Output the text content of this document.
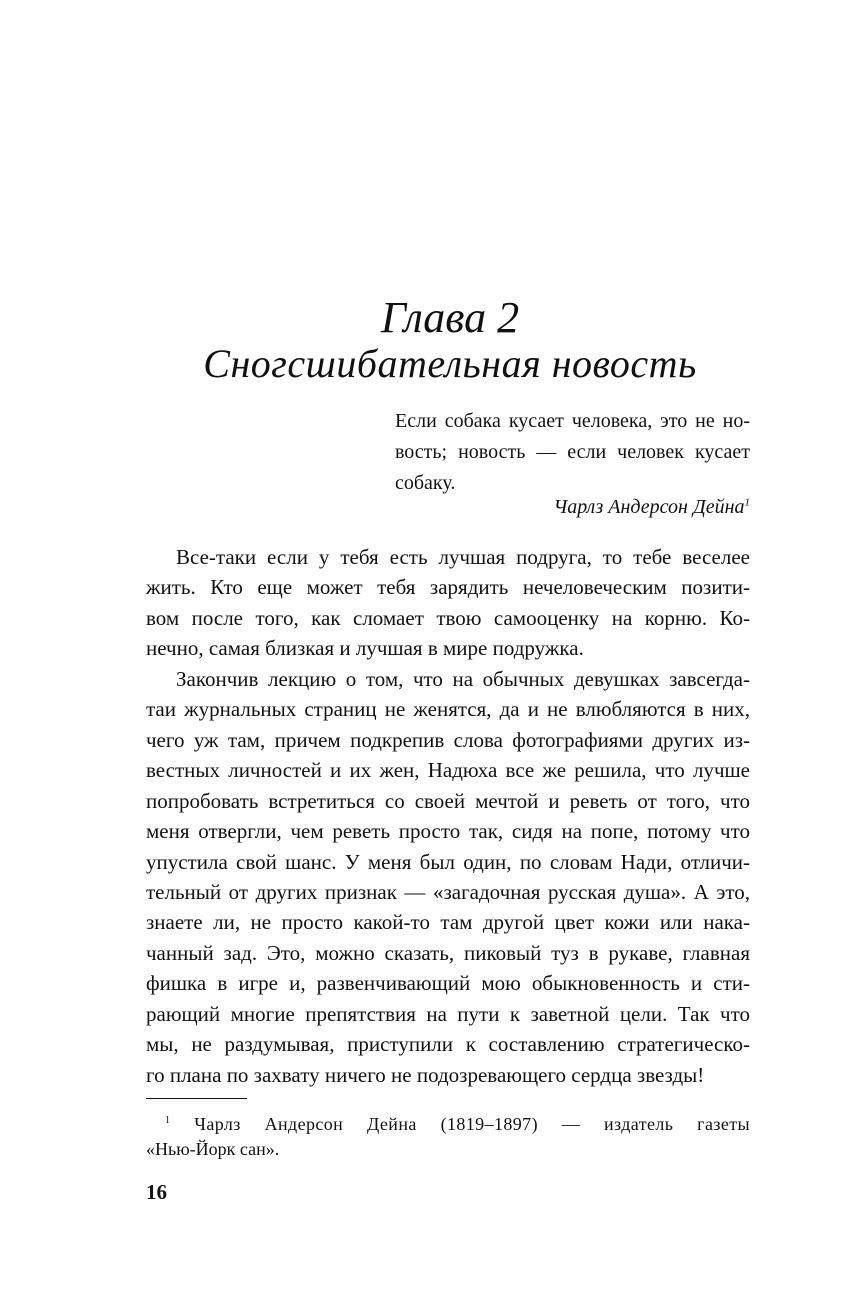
Глава 2
Сногсшибательная новость
Если собака кусает человека, это не но-
вость; новость — если человек кусает
собаку.
Чарлз Андерсон Дейна$^1$
Все-таки если у тебя есть лучшая подруга, то тебе веселее
жить. Кто еще может тебя зарядить нечеловеческим позити-
вом после того, как сломает твою самооценку на корню. Ко-
нечно, самая близкая и лучшая в мире подружка.
Закончив лекцию о том, что на обычных девушках завсегда-
таи журнальных страниц не женятся, да и не влюбляются в них,
чего уж там, причем подкрепив слова фотографиями других из-
вестных личностей и их жен, Надюха все же решила, что лучше
попробовать встретиться со своей мечтой и реветь от того, что
меня отвергли, чем реветь просто так, сидя на попе, потому что
упустила свой шанс. У меня был один, по словам Нади, отличи-
тельный от других признак — «загадочная русская душа». А это,
знаете ли, не просто какой-то там другой цвет кожи или нака-
чанный зад. Это, можно сказать, пиковый туз в рукаве, главная
фишка в игре и, развенчивающий мою обыкновенность и сти-
рающий многие препятствия на пути к заветной цели. Так что
мы, не раздумывая, приступили к составлению стратегическо-
го плана по захвату ничего не подозревающего сердца звезды!
$^1$ Чарлз Андерсон Дейна (1819–1897) — издатель газеты
«Нью-Йорк сан».
16
